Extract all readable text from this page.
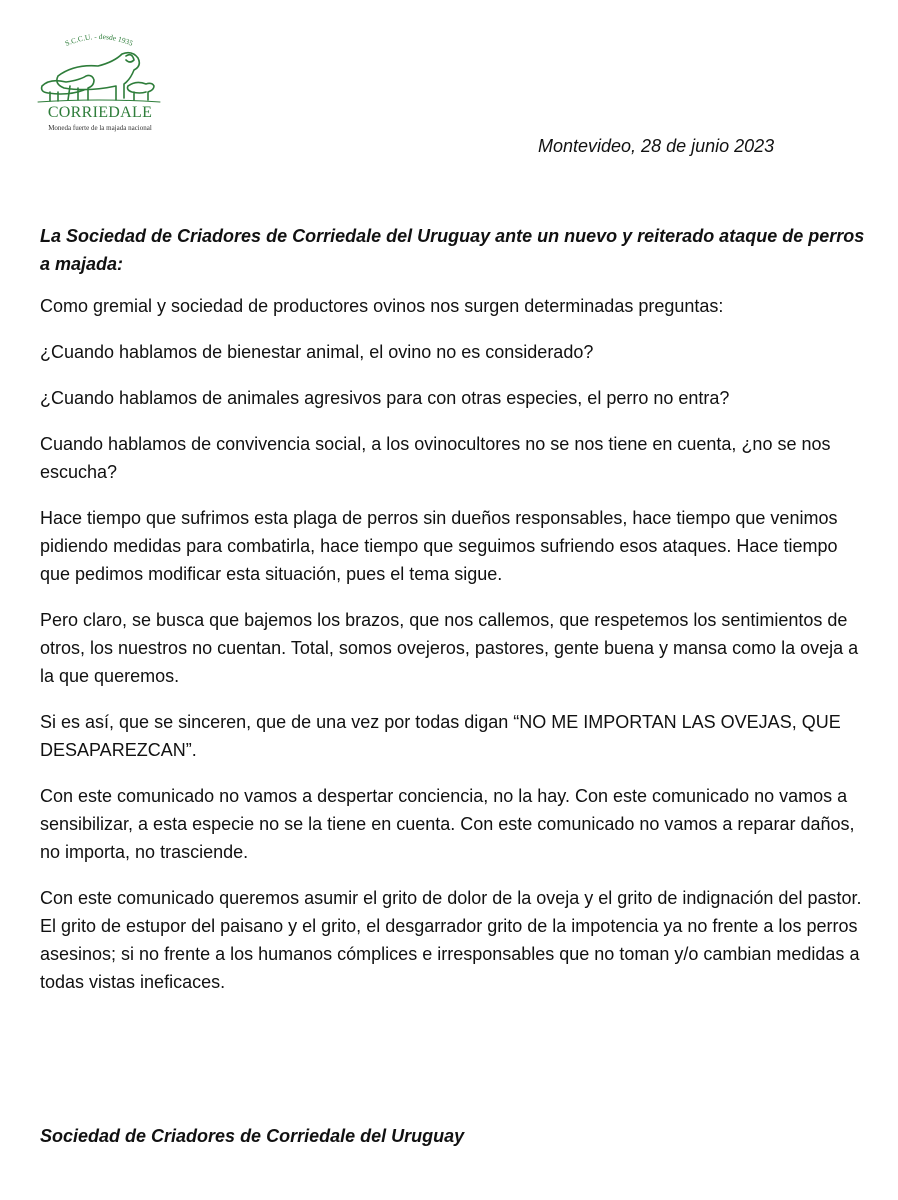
S.C.C.U. - desde 1935
CORRIEDALE
Moneda fuerte de la majada nacional
Montevideo, 28 de junio 2023

La Sociedad de Criadores de Corriedale del Uruguay ante un nuevo y reiterado ataque de perros a majada:

Como gremial y sociedad de productores ovinos nos surgen determinadas preguntas:

¿Cuando hablamos de bienestar animal, el ovino no es considerado?

¿Cuando hablamos de animales agresivos para con otras especies, el perro no entra?

Cuando hablamos de convivencia social, a los ovinocultores no se nos tiene en cuenta, ¿no se nos escucha?

Hace tiempo que sufrimos esta plaga de perros sin dueños responsables, hace tiempo que venimos pidiendo medidas para combatirla, hace tiempo que seguimos sufriendo esos ataques. Hace tiempo que pedimos modificar esta situación, pues el tema sigue.

Pero claro, se busca que bajemos los brazos, que nos callemos, que respetemos los sentimientos de otros, los nuestros no cuentan. Total, somos ovejeros, pastores, gente buena y mansa como la oveja a la que queremos.

Si es así, que se sinceren, que de una vez por todas digan “NO ME IMPORTAN LAS OVEJAS, QUE DESAPAREZCAN”.

Con este comunicado no vamos a despertar conciencia, no la hay. Con este comunicado no vamos a sensibilizar, a esta especie no se la tiene en cuenta. Con este comunicado no vamos a reparar daños, no importa, no trasciende.

Con este comunicado queremos asumir el grito de dolor de la oveja y el grito de indignación del pastor. El grito de estupor del paisano y el grito, el desgarrador grito de la impotencia ya no frente a los perros asesinos; si no frente a los humanos cómplices e irresponsables que no toman y/o cambian medidas a todas vistas ineficaces.

Sociedad de Criadores de Corriedale del Uruguay
